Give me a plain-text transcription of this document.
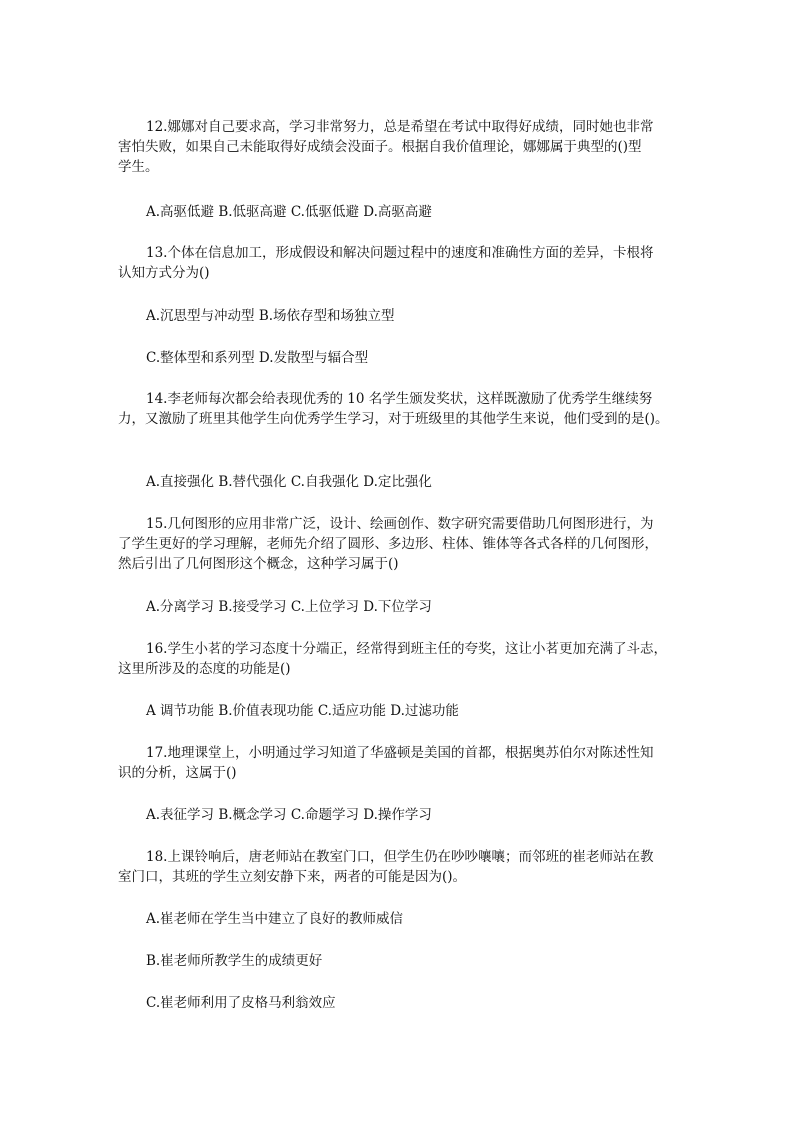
12.娜娜对自己要求高，学习非常努力，总是希望在考试中取得好成绩，同时她也非常
害怕失败，如果自己未能取得好成绩会没面子。根据自我价值理论，娜娜属于典型的()型
学生。
A.高驱低避 B.低驱高避 C.低驱低避 D.高驱高避
13.个体在信息加工，形成假设和解决问题过程中的速度和准确性方面的差异，卡根将
认知方式分为()
A.沉思型与冲动型 B.场依存型和场独立型
C.整体型和系列型 D.发散型与辐合型
14.李老师每次都会给表现优秀的 10 名学生颁发奖状，这样既激励了优秀学生继续努
力，又激励了班里其他学生向优秀学生学习，对于班级里的其他学生来说，他们受到的是()。
A.直接强化 B.替代强化 C.自我强化 D.定比强化
15.几何图形的应用非常广泛，设计、绘画创作、数字研究需要借助几何图形进行，为
了学生更好的学习理解，老师先介绍了圆形、多边形、柱体、锥体等各式各样的几何图形，
然后引出了几何图形这个概念，这种学习属于()
A.分离学习 B.接受学习 C.上位学习 D.下位学习
16.学生小茗的学习态度十分端正，经常得到班主任的夸奖，这让小茗更加充满了斗志，
这里所涉及的态度的功能是()
A 调节功能 B.价值表现功能 C.适应功能 D.过滤功能
17.地理课堂上，小明通过学习知道了华盛顿是美国的首都，根据奥苏伯尔对陈述性知
识的分析，这属于()
A.表征学习 B.概念学习 C.命题学习 D.操作学习
18.上课铃响后，唐老师站在教室门口，但学生仍在吵吵嚷嚷；而邻班的崔老师站在教
室门口，其班的学生立刻安静下来，两者的可能是因为()。
A.崔老师在学生当中建立了良好的教师威信
B.崔老师所教学生的成绩更好
C.崔老师利用了皮格马利翁效应
